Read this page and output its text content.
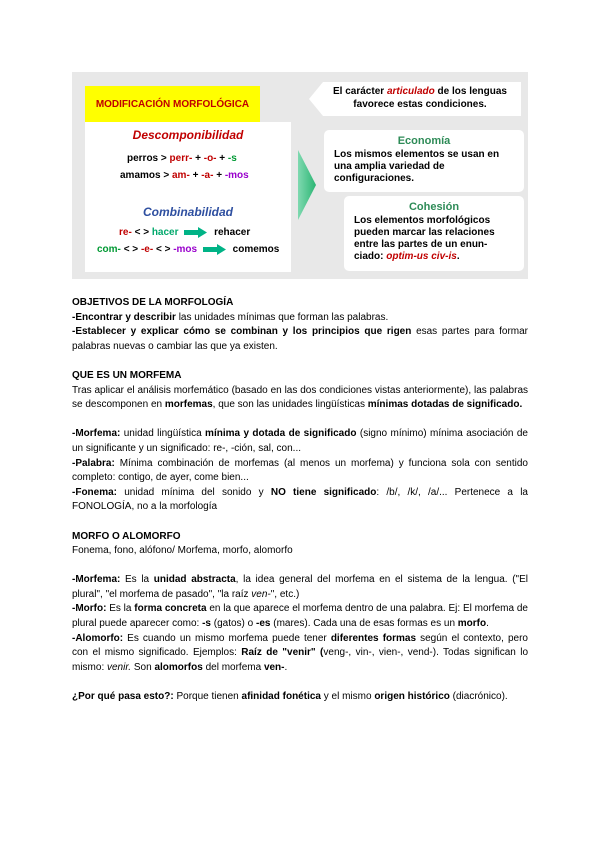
MODIFICACIÓN MORFOLÓGICA
Descomponibilidad
perros > perr- + -o- + -s
amamos > am- + -a- + -mos
Combinabilidad
re- < > hacer	rehacer
com- < > -e- < > -mos	comemos
El carácter articulado de los lenguas favorece estas condiciones.
Economía
Los mismos elementos se usan en una amplia variedad de configuraciones.
Cohesión
Los elementos morfológicos pueden marcar las relaciones entre las partes de un enun-ciado: optim-us civ-is.

OBJETIVOS DE LA MORFOLOGÍA

-Encontrar y describir las unidades mínimas que forman las palabras.

-Establecer y explicar cómo se combinan y los principios que rigen esas partes para formar palabras nuevas o cambiar las que ya existen.

QUE ES UN MORFEMA

Tras aplicar el análisis morfemático (basado en las dos condiciones vistas anteriormente), las palabras se descomponen en morfemas, que son las unidades lingüísticas mínimas dotadas de significado.

-Morfema: unidad lingüística mínima y dotada de significado (signo mínimo) mínima asociación de un significante y un significado: re-, -ción, sal, con...

-Palabra: Mínima combinación de morfemas (al menos un morfema) y funciona sola con sentido completo: contigo, de ayer, come bien...

-Fonema: unidad mínima del sonido y NO tiene significado: /b/, /k/, /a/... Pertenece a la FONOLOGÍA, no a la morfología

MORFO O ALOMORFO

Fonema, fono, alófono/ Morfema, morfo, alomorfo

-Morfema: Es la unidad abstracta, la idea general del morfema en el sistema de la lengua. ("El plural", "el morfema de pasado", "la raíz ven-", etc.)

-Morfo: Es la forma concreta en la que aparece el morfema dentro de una palabra. Ej: El morfema de plural puede aparecer como: -s (gatos) o -es (mares). Cada una de esas formas es un morfo.

-Alomorfo: Es cuando un mismo morfema puede tener diferentes formas según el contexto, pero con el mismo significado. Ejemplos: Raíz de "venir" (veng-, vin-, vien-, vend-). Todas significan lo mismo: venir. Son alomorfos del morfema ven-.

¿Por qué pasa esto?: Porque tienen afinidad fonética y el mismo origen histórico (diacrónico).
